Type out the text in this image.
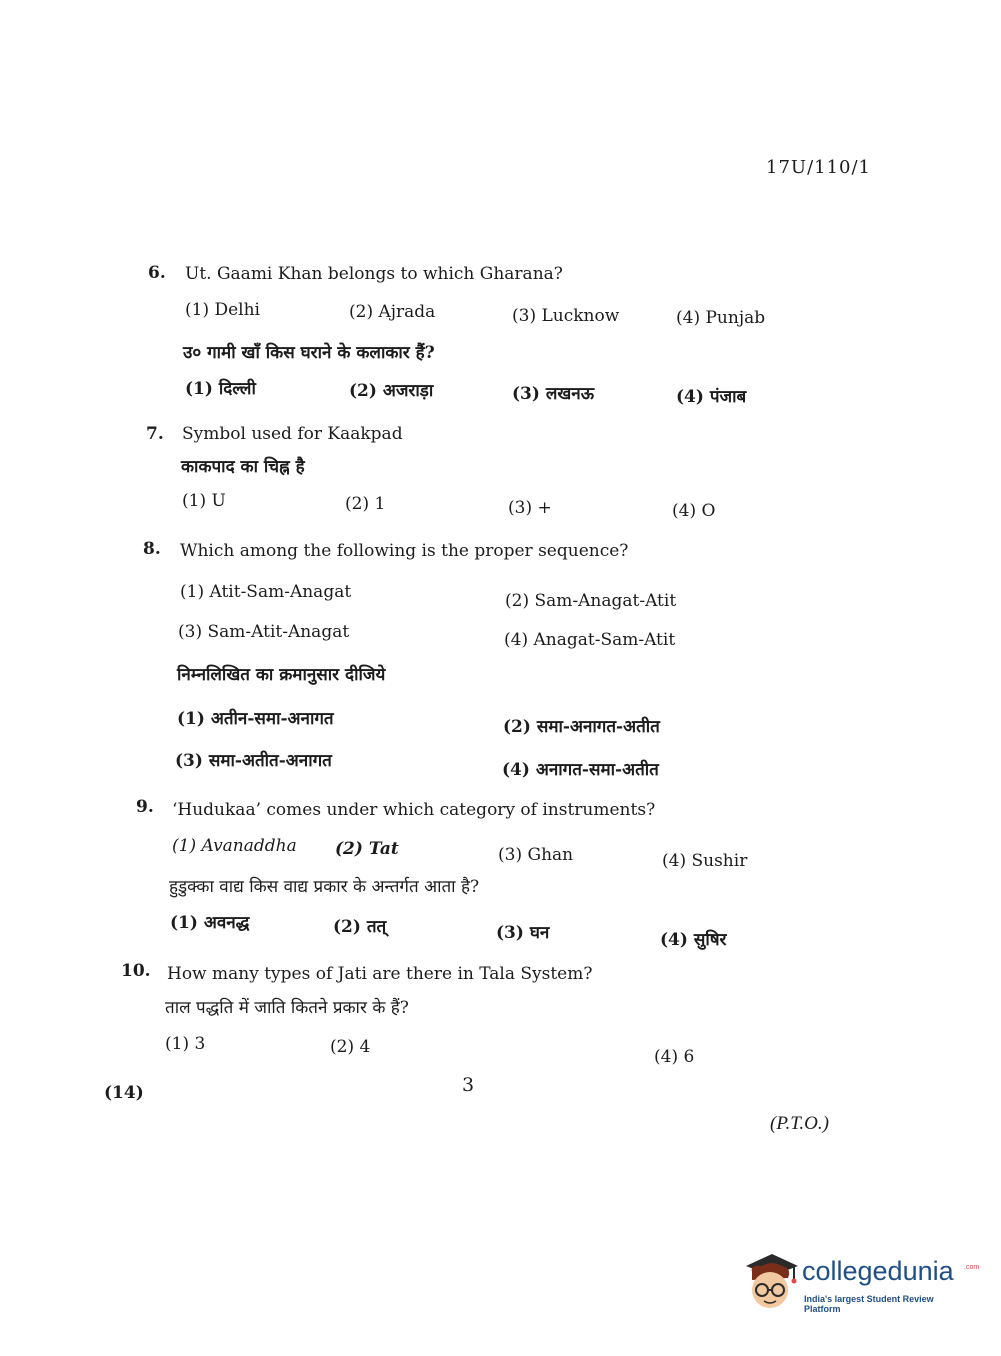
17U/110/1
6. Ut. Gaami Khan belongs to which Gharana?
(1) Delhi	(2) Ajrada	(3) Lucknow	(4) Punjab
उ० गामी खाँ किस घराने के कलाकार हैं?
(1) दिल्ली	(2) अजराड़ा	(3) लखनऊ	(4) पंजाब
7. Symbol used for Kaakpad
काकपाद का चिह्न है
(1) U	(2) 1	(3) +	(4) O
8. Which among the following is the proper sequence?
(1) Atit-Sam-Anagat	(2) Sam-Anagat-Atit
(3) Sam-Atit-Anagat	(4) Anagat-Sam-Atit
निम्नलिखित का क्रमानुसार दीजिये
(1) अतीन-समा-अनागत	(2) समा-अनागत-अतीत
(3) समा-अतीत-अनागत	(4) अनागत-समा-अतीत
9. ‘Hudukaa’ comes under which category of instruments?
(1) Avanaddha (2) Tat	(3) Ghan	(4) Sushir
हुडुक्का वाद्य किस वाद्य प्रकार के अन्तर्गत आता है?
(1) अवनद्ध	(2) तत्	(3) घन	(4) सुषिर
10. How many types of Jati are there in Tala System?
ताल पद्धति में जाति कितने प्रकार के हैं?
(1) 3	(2) 4	(4) 6
(14)	3
(P.T.O.)
collegedunia .com
India's largest Student Review Platform
